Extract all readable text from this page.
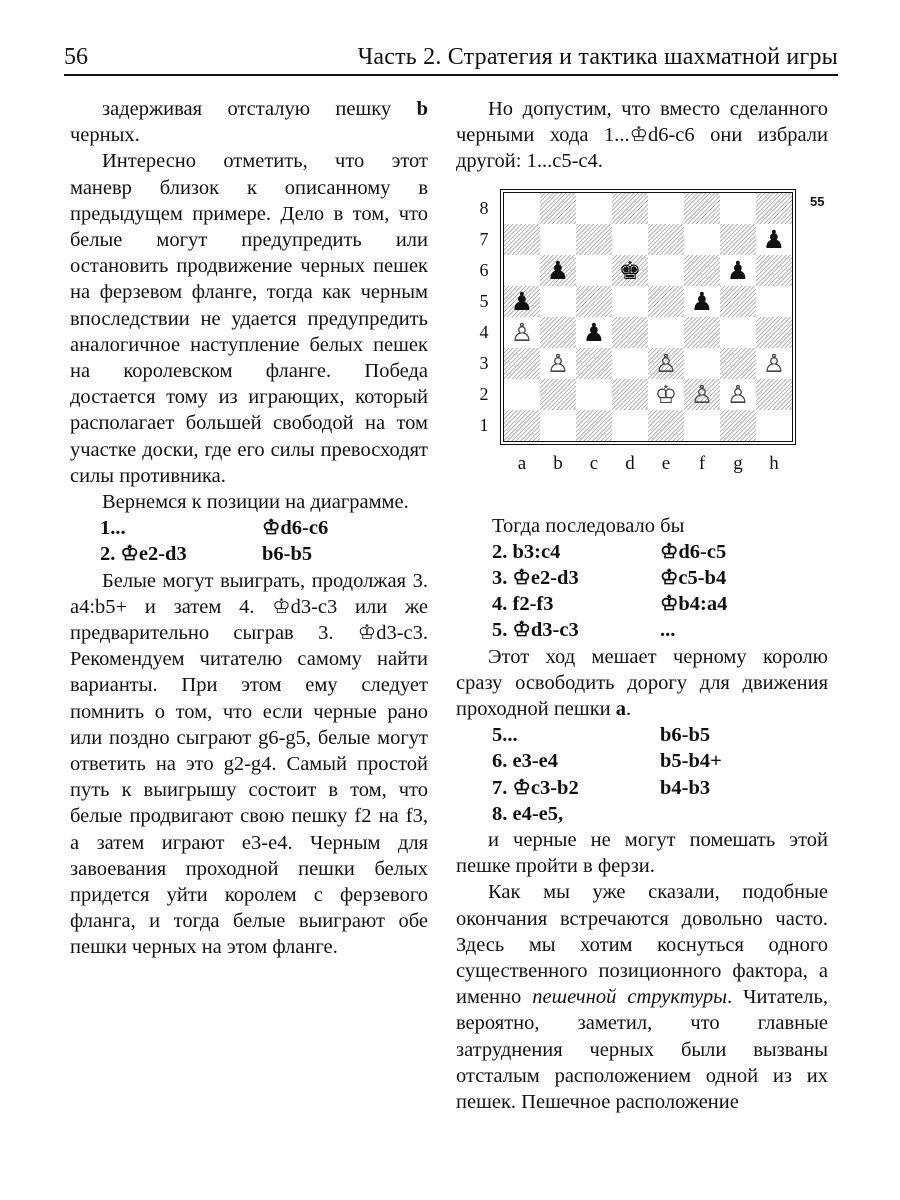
56	Часть 2. Стратегия и тактика шахматной игры

задерживая отсталую пешку b черных.

Интересно отметить, что этот маневр близок к описанному в предыдущем примере. Дело в том, что белые могут предупредить или остановить продвижение черных пешек на ферзевом фланге, тогда как черным впоследствии не удается предупредить аналогичное наступление белых пешек на королевском фланге. Победа достается тому из играющих, который располагает большей свободой на том участке доски, где его силы превосходят силы противника.

Вернемся к позиции на диаграмме.

1...	♔d6-c6
2. ♔e2-d3	b6-b5

Белые могут выиграть, продолжая 3. a4:b5+ и затем 4. ♔d3-c3 или же предварительно сыграв 3. ♔d3-c3. Рекомендуем читателю самому найти варианты. При этом ему следует помнить о том, что если черные рано или поздно сыграют g6-g5, белые могут ответить на это g2-g4. Самый простой путь к выигрышу состоит в том, что белые продвигают свою пешку f2 на f3, а затем играют e3-e4. Черным для завоевания проходной пешки белых придется уйти королем с ферзевого фланга, и тогда белые выиграют обе пешки черных на этом фланге.

Но допустим, что вместо сделанного черными хода 1...♔d6-c6 они избрали другой: 1...c5-c4.

♟
♟ ♚	♟
♟	♟
♙ ♟
♙	♙	♙
♔ ♙ ♙
8
7
6
5
4
3
2
1
a	b	c	d	e	f	g	h
55

Тогда последовало бы

2. b3:c4	♔d6-c5
3. ♔e2-d3	♔c5-b4
4. f2-f3	♔b4:a4
5. ♔d3-c3	...

Этот ход мешает черному королю сразу освободить дорогу для движения проходной пешки a.

5...	b6-b5
6. e3-e4	b5-b4+
7. ♔c3-b2	b4-b3
8. e4-e5,

и черные не могут помешать этой пешке пройти в ферзи.

Как мы уже сказали, подобные окончания встречаются довольно часто. Здесь мы хотим коснуться одного существенного позиционного фактора, а именно пешечной структуры. Читатель, вероятно, заметил, что главные затруднения черных были вызваны отсталым расположением одной из их пешек. Пешечное расположение
